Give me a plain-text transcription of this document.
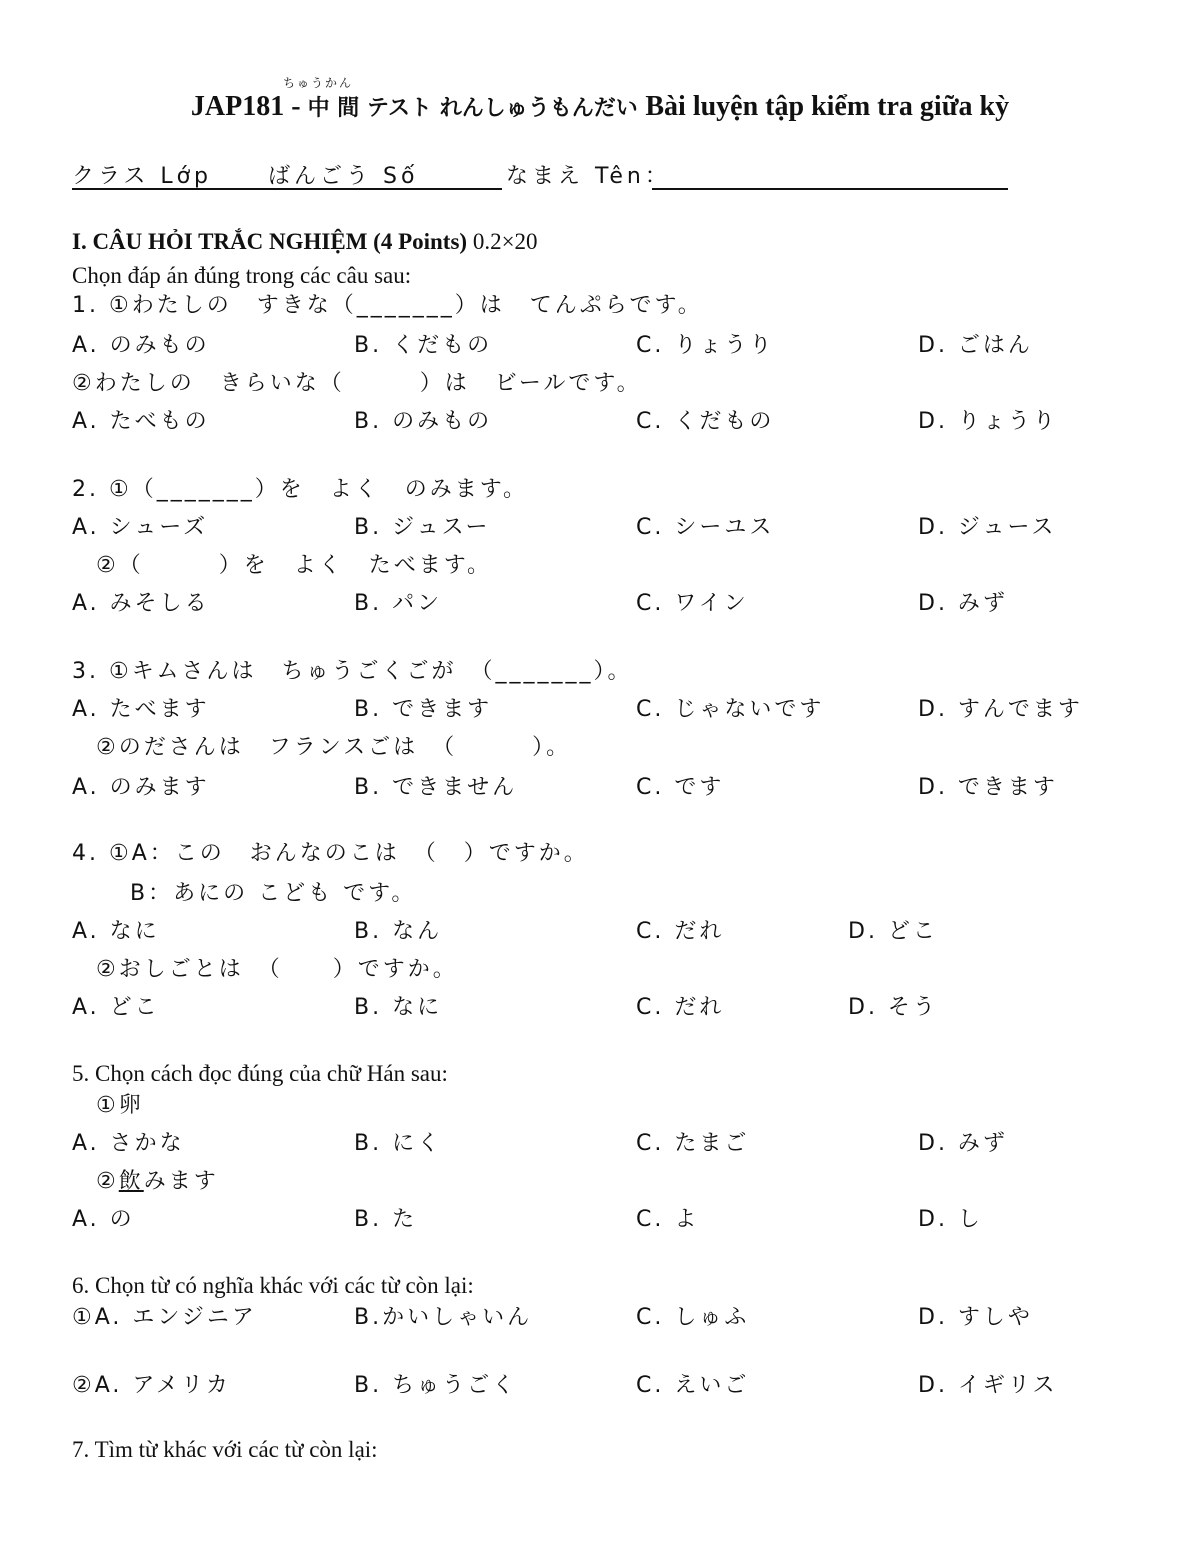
ちゅうかん
JAP181 - 中 間 テスト れんしゅうもんだい Bài luyện tập kiểm tra giữa kỳ
クラス Lớp	ばんごう Số	なまえ Tên：
I. CÂU HỎI TRẮC NGHIỆM (4 Points) 0.2×20
Chọn đáp án đúng trong các câu sau:
1. ①わたしの　すきな（_______）は　てんぷらです。
A. のみもの	B. くだもの	C. りょうり	D. ごはん
②わたしの　きらいな（　　　）は　ビールです。
A. たべもの	B. のみもの	C. くだもの	D. りょうり
2. ①（_______）を　よく　のみます。
A. シューズ	B. ジュスー	C. シーユス	D. ジュース
②（　　　）を　よく　たべます。
A. みそしる	B. パン	C. ワイン	D. みず
3. ①キムさんは　ちゅうごくごが　（_______）。
A. たべます	B. できます	C. じゃないです	D. すんでます
②のださんは　フランスごは　（　　　）。
A. のみます	B. できません	C. です	D. できます
4. ①A：この　おんなのこは　（　）ですか。
B：あにの こども です。
A. なに	B. なん	C. だれ	D. どこ
②おしごとは　（　　）ですか。
A. どこ	B. なに	C. だれ	D. そう
5. Chọn cách đọc đúng của chữ Hán sau:
①卵
A. さかな	B. にく	C. たまご	D. みず
②飲みます
A. の	B. た	C. よ	D. し
6. Chọn từ có nghĩa khác với các từ còn lại:
①A. エンジニア	B.かいしゃいん	C. しゅふ	D. すしや
②A. アメリカ	B. ちゅうごく	C. えいご	D. イギリス
7. Tìm từ khác với các từ còn lại:
